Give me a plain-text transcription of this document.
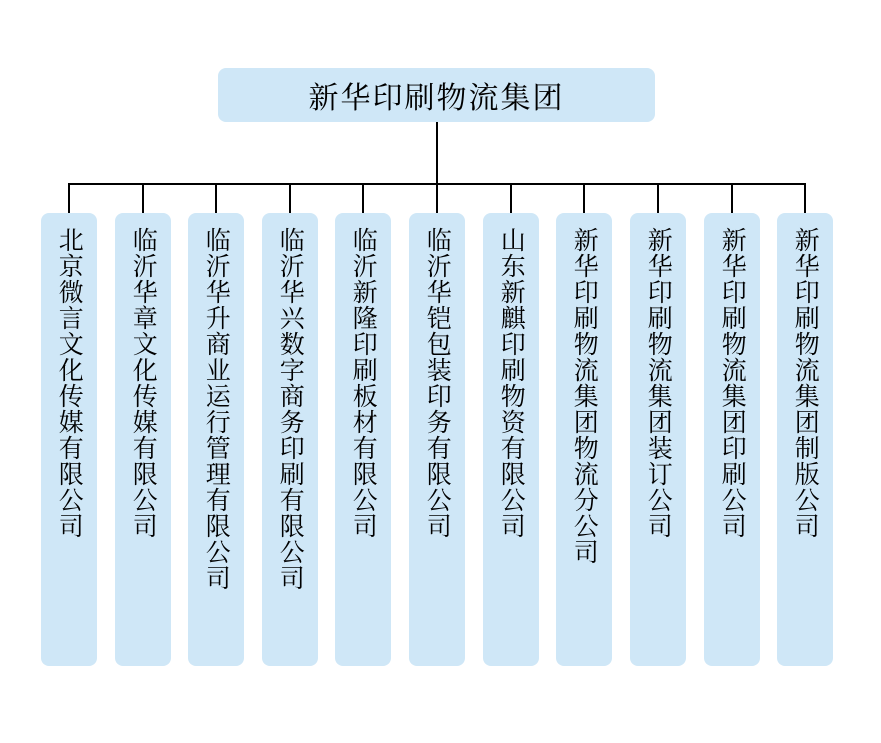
新华印刷物流集团
北京微言文化传媒有限公司 临沂华章文化传媒有限公司 临沂华升商业运行管理有限公司 临沂华兴数字商务印刷有限公司 临沂新隆印刷板材有限公司 临沂华铠包装印务有限公司 山东新麒印刷物资有限公司 新华印刷物流集团物流分公司 新华印刷物流集团装订公司 新华印刷物流集团印刷公司 新华印刷物流集团制版公司
